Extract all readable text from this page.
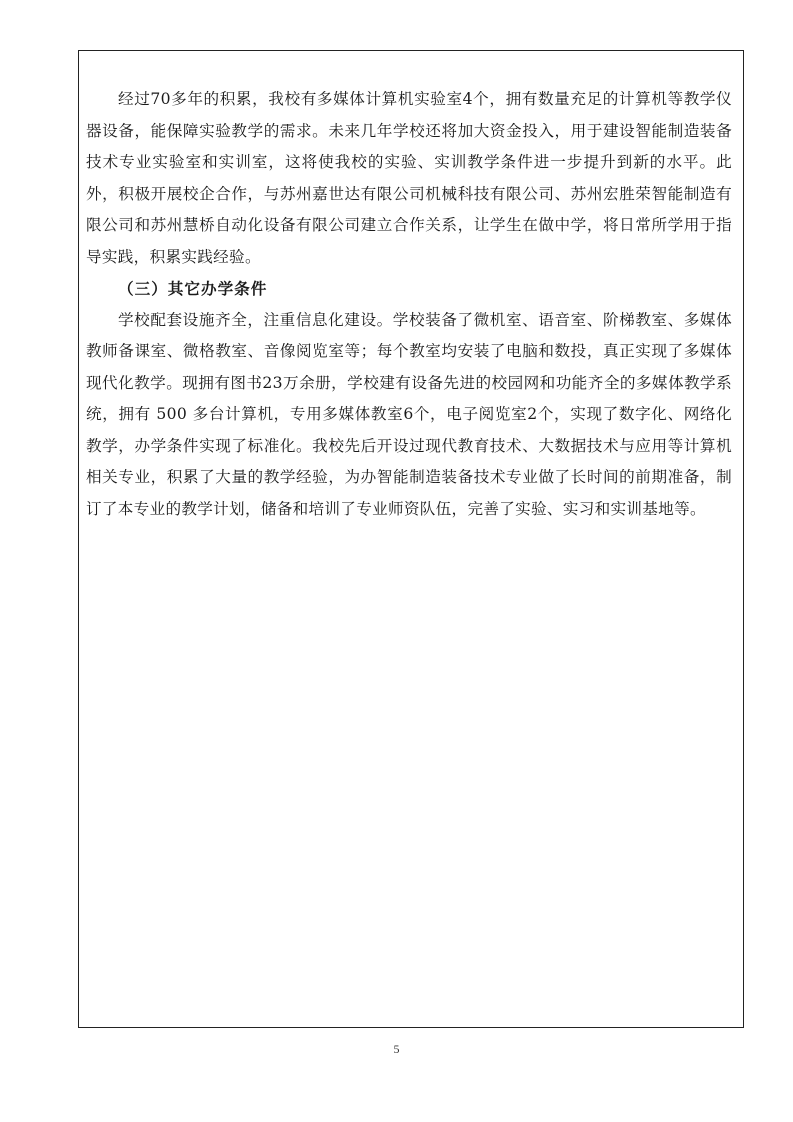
经过70多年的积累，我校有多媒体计算机实验室4个，拥有数量充足的计算机等教学仪器设备，能保障实验教学的需求。未来几年学校还将加大资金投入，用于建设智能制造装备技术专业实验室和实训室，这将使我校的实验、实训教学条件进一步提升到新的水平。此外，积极开展校企合作，与苏州嘉世达有限公司机械科技有限公司、苏州宏胜荣智能制造有限公司和苏州慧桥自动化设备有限公司建立合作关系，让学生在做中学，将日常所学用于指导实践，积累实践经验。

（三）其它办学条件

学校配套设施齐全，注重信息化建设。学校装备了微机室、语音室、阶梯教室、多媒体教师备课室、微格教室、音像阅览室等；每个教室均安装了电脑和数投，真正实现了多媒体现代化教学。现拥有图书23万余册，学校建有设备先进的校园网和功能齐全的多媒体教学系统，拥有 500 多台计算机，专用多媒体教室6个，电子阅览室2个，实现了数字化、网络化教学，办学条件实现了标准化。我校先后开设过现代教育技术、大数据技术与应用等计算机相关专业，积累了大量的教学经验，为办智能制造装备技术专业做了长时间的前期准备，制订了本专业的教学计划，储备和培训了专业师资队伍，完善了实验、实习和实训基地等。

5
